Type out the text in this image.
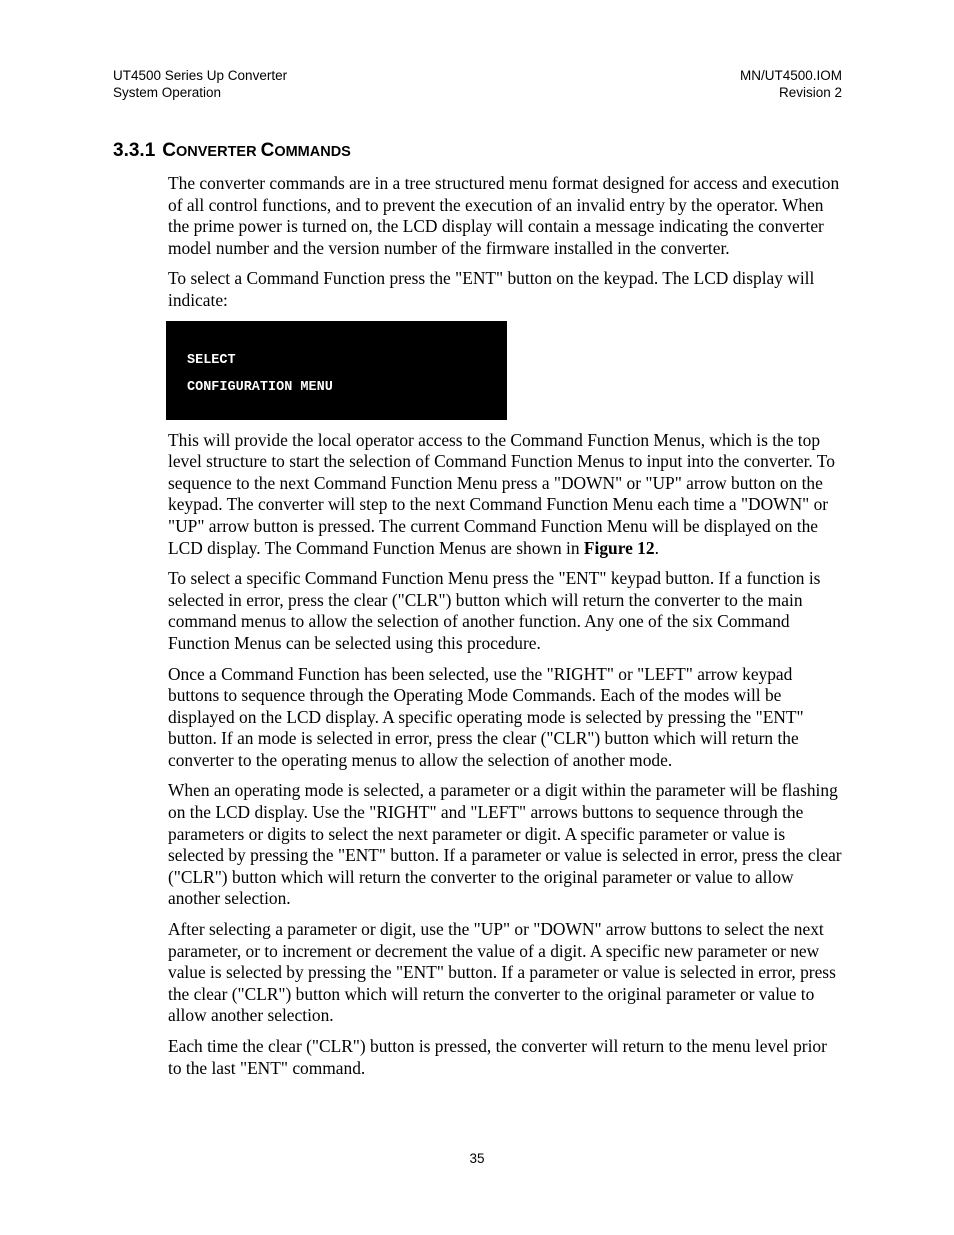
UT4500 Series Up Converter
System Operation
MN/UT4500.IOM
Revision 2
3.3.1 CONVERTER COMMANDS

The converter commands are in a tree structured menu format designed for access and execution of all control functions, and to prevent the execution of an invalid entry by the operator. When the prime power is turned on, the LCD display will contain a message indicating the converter model number and the version number of the firmware installed in the converter.

To select a Command Function press the "ENT" button on the keypad. The LCD display will indicate:

SELECT
CONFIGURATION MENU

This will provide the local operator access to the Command Function Menus, which is the top level structure to start the selection of Command Function Menus to input into the converter. To sequence to the next Command Function Menu press a "DOWN" or "UP" arrow button on the keypad. The converter will step to the next Command Function Menu each time a "DOWN" or "UP" arrow button is pressed. The current Command Function Menu will be displayed on the LCD display. The Command Function Menus are shown in Figure 12.

To select a specific Command Function Menu press the "ENT" keypad button. If a function is selected in error, press the clear ("CLR") button which will return the converter to the main command menus to allow the selection of another function. Any one of the six Command Function Menus can be selected using this procedure.

Once a Command Function has been selected, use the "RIGHT" or "LEFT" arrow keypad buttons to sequence through the Operating Mode Commands. Each of the modes will be displayed on the LCD display. A specific operating mode is selected by pressing the "ENT" button. If an mode is selected in error, press the clear ("CLR") button which will return the converter to the operating menus to allow the selection of another mode.

When an operating mode is selected, a parameter or a digit within the parameter will be flashing on the LCD display. Use the "RIGHT" and "LEFT" arrows buttons to sequence through the parameters or digits to select the next parameter or digit. A specific parameter or value is selected by pressing the "ENT" button. If a parameter or value is selected in error, press the clear ("CLR") button which will return the converter to the original parameter or value to allow another selection.

After selecting a parameter or digit, use the "UP" or "DOWN" arrow buttons to select the next parameter, or to increment or decrement the value of a digit. A specific new parameter or new value is selected by pressing the "ENT" button. If a parameter or value is selected in error, press the clear ("CLR") button which will return the converter to the original parameter or value to allow another selection.

Each time the clear ("CLR") button is pressed, the converter will return to the menu level prior to the last "ENT" command.

35
